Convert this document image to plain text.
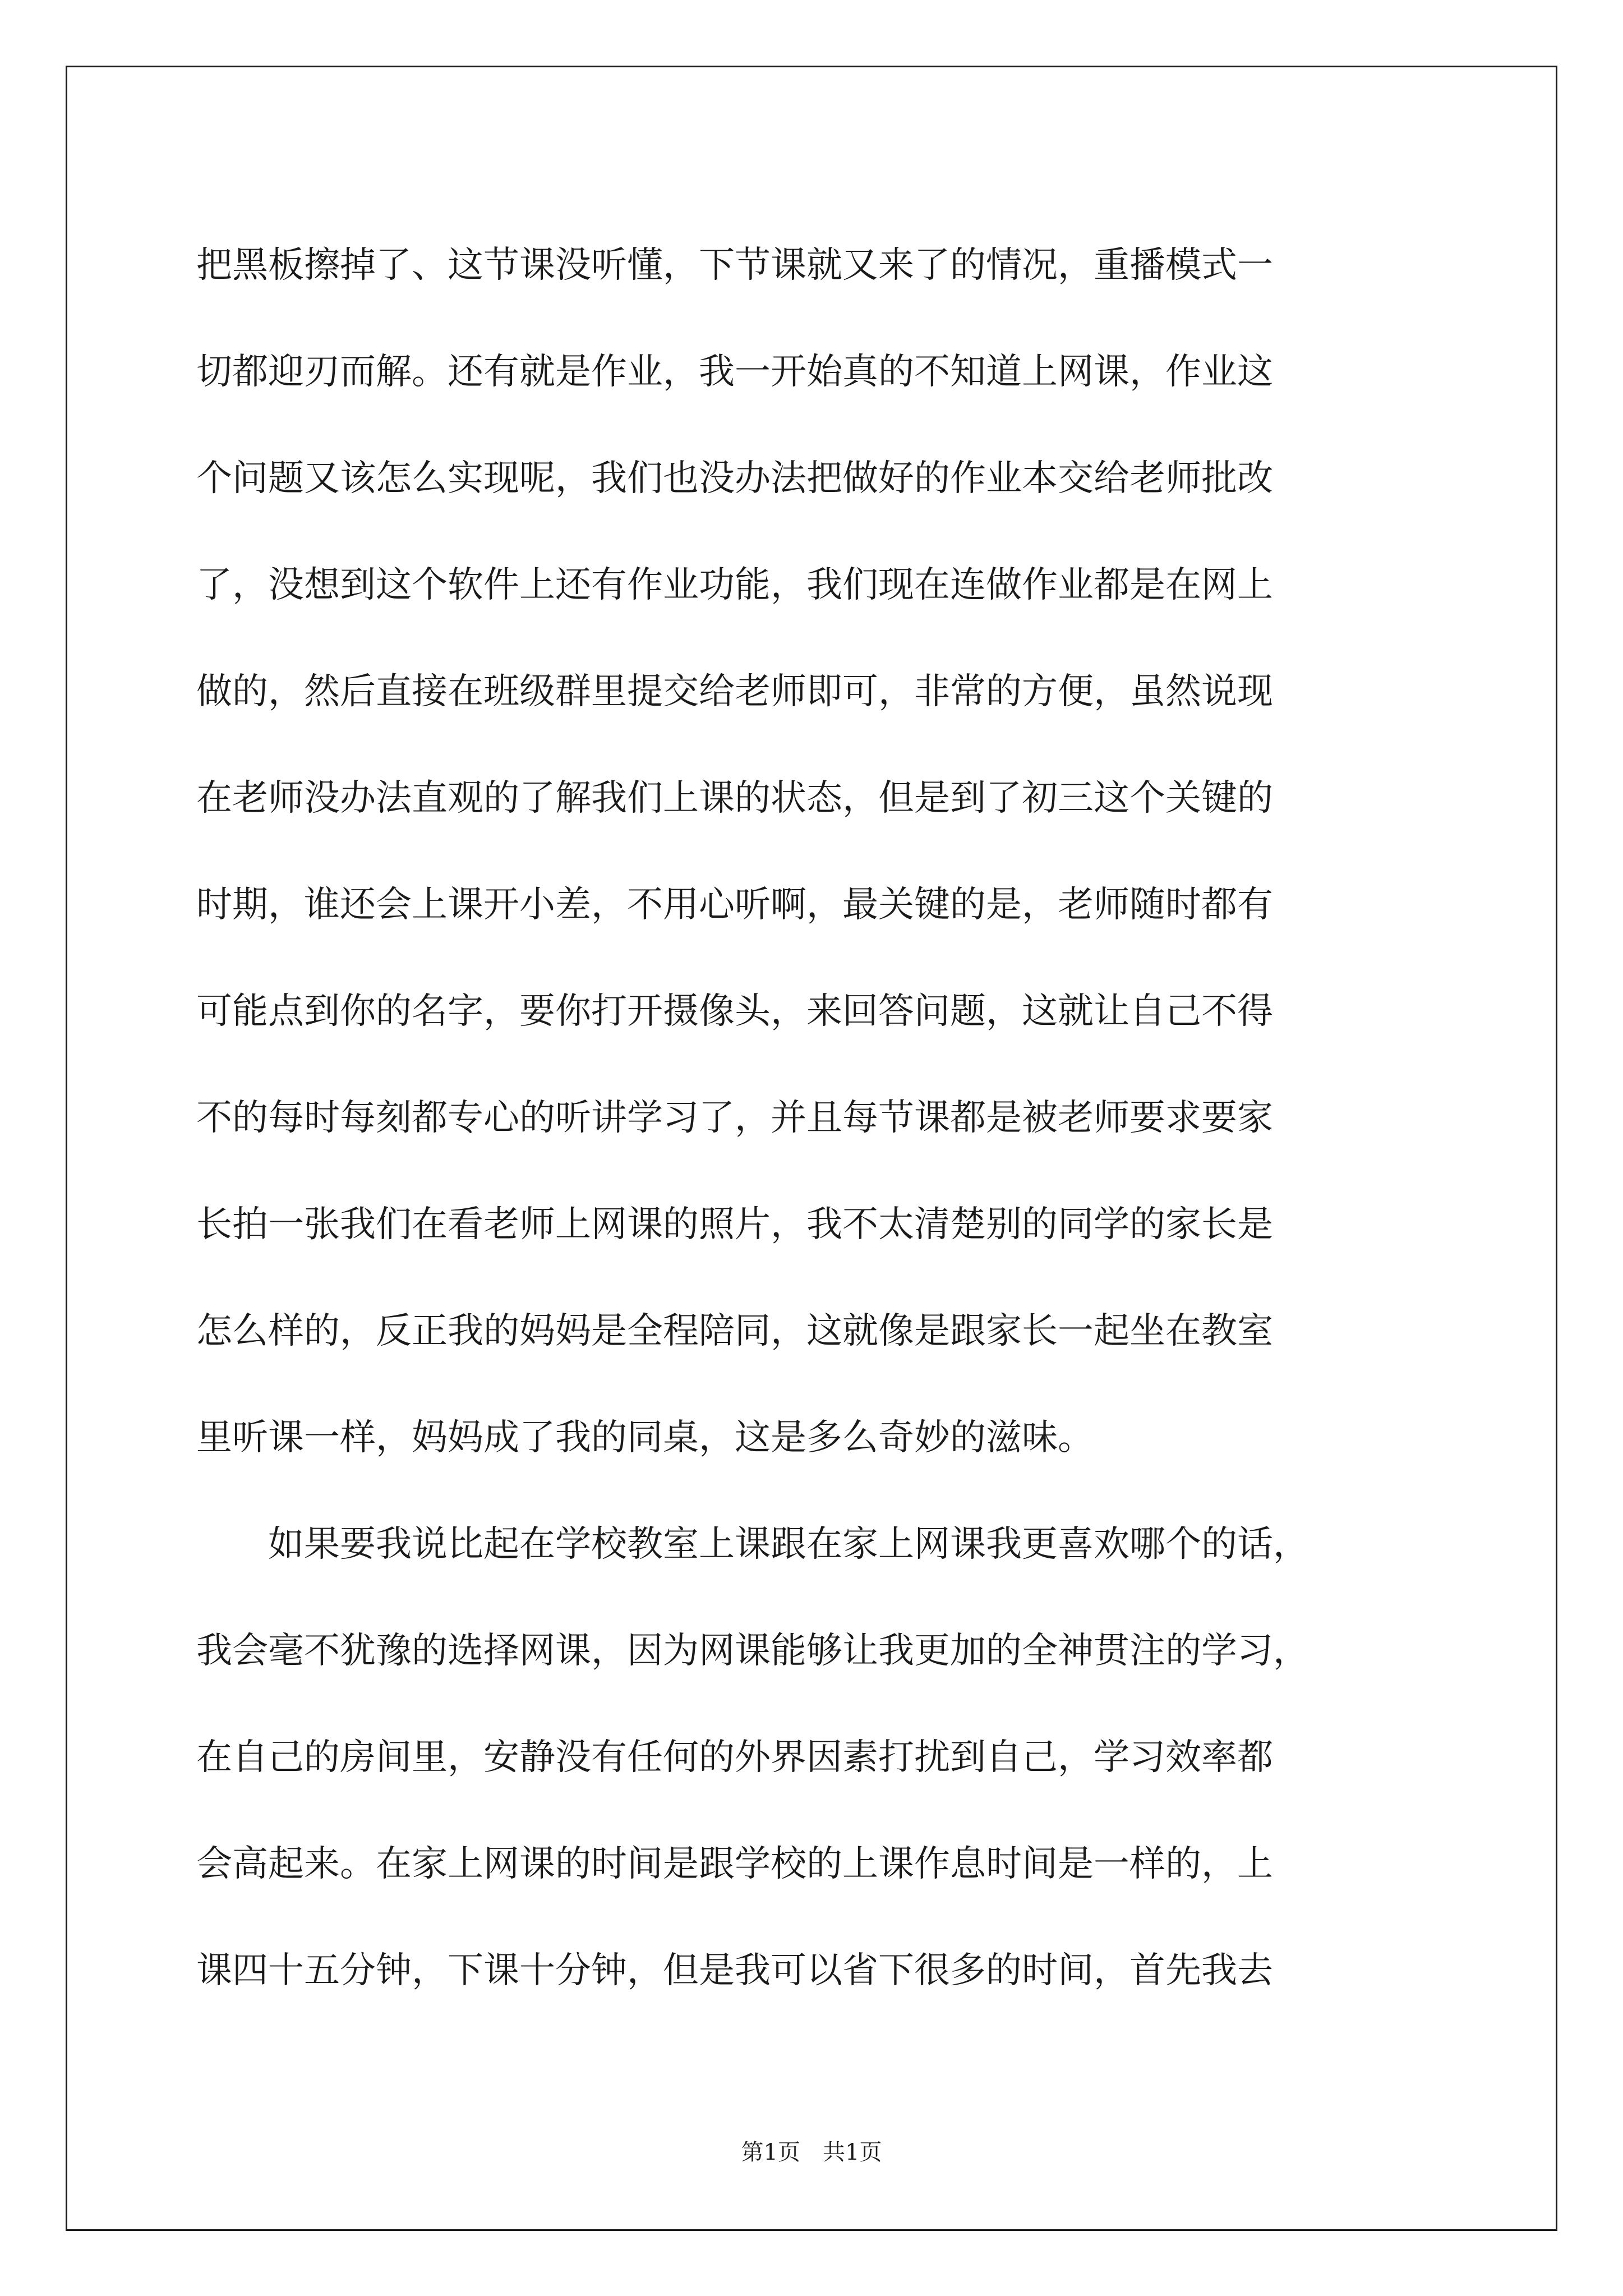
把黑板擦掉了、这节课没听懂，下节课就又来了的情况，重播模式一
切都迎刃而解。还有就是作业，我一开始真的不知道上网课，作业这
个问题又该怎么实现呢，我们也没办法把做好的作业本交给老师批改
了，没想到这个软件上还有作业功能，我们现在连做作业都是在网上
做的，然后直接在班级群里提交给老师即可，非常的方便，虽然说现
在老师没办法直观的了解我们上课的状态，但是到了初三这个关键的
时期，谁还会上课开小差，不用心听啊，最关键的是，老师随时都有
可能点到你的名字，要你打开摄像头，来回答问题，这就让自己不得
不的每时每刻都专心的听讲学习了，并且每节课都是被老师要求要家
长拍一张我们在看老师上网课的照片，我不太清楚别的同学的家长是
怎么样的，反正我的妈妈是全程陪同，这就像是跟家长一起坐在教室
里听课一样，妈妈成了我的同桌，这是多么奇妙的滋味。
　　如果要我说比起在学校教室上课跟在家上网课我更喜欢哪个的话，
我会毫不犹豫的选择网课，因为网课能够让我更加的全神贯注的学习，
在自己的房间里，安静没有任何的外界因素打扰到自己，学习效率都
会高起来。在家上网课的时间是跟学校的上课作息时间是一样的，上
课四十五分钟，下课十分钟，但是我可以省下很多的时间，首先我去
第1页　共1页
